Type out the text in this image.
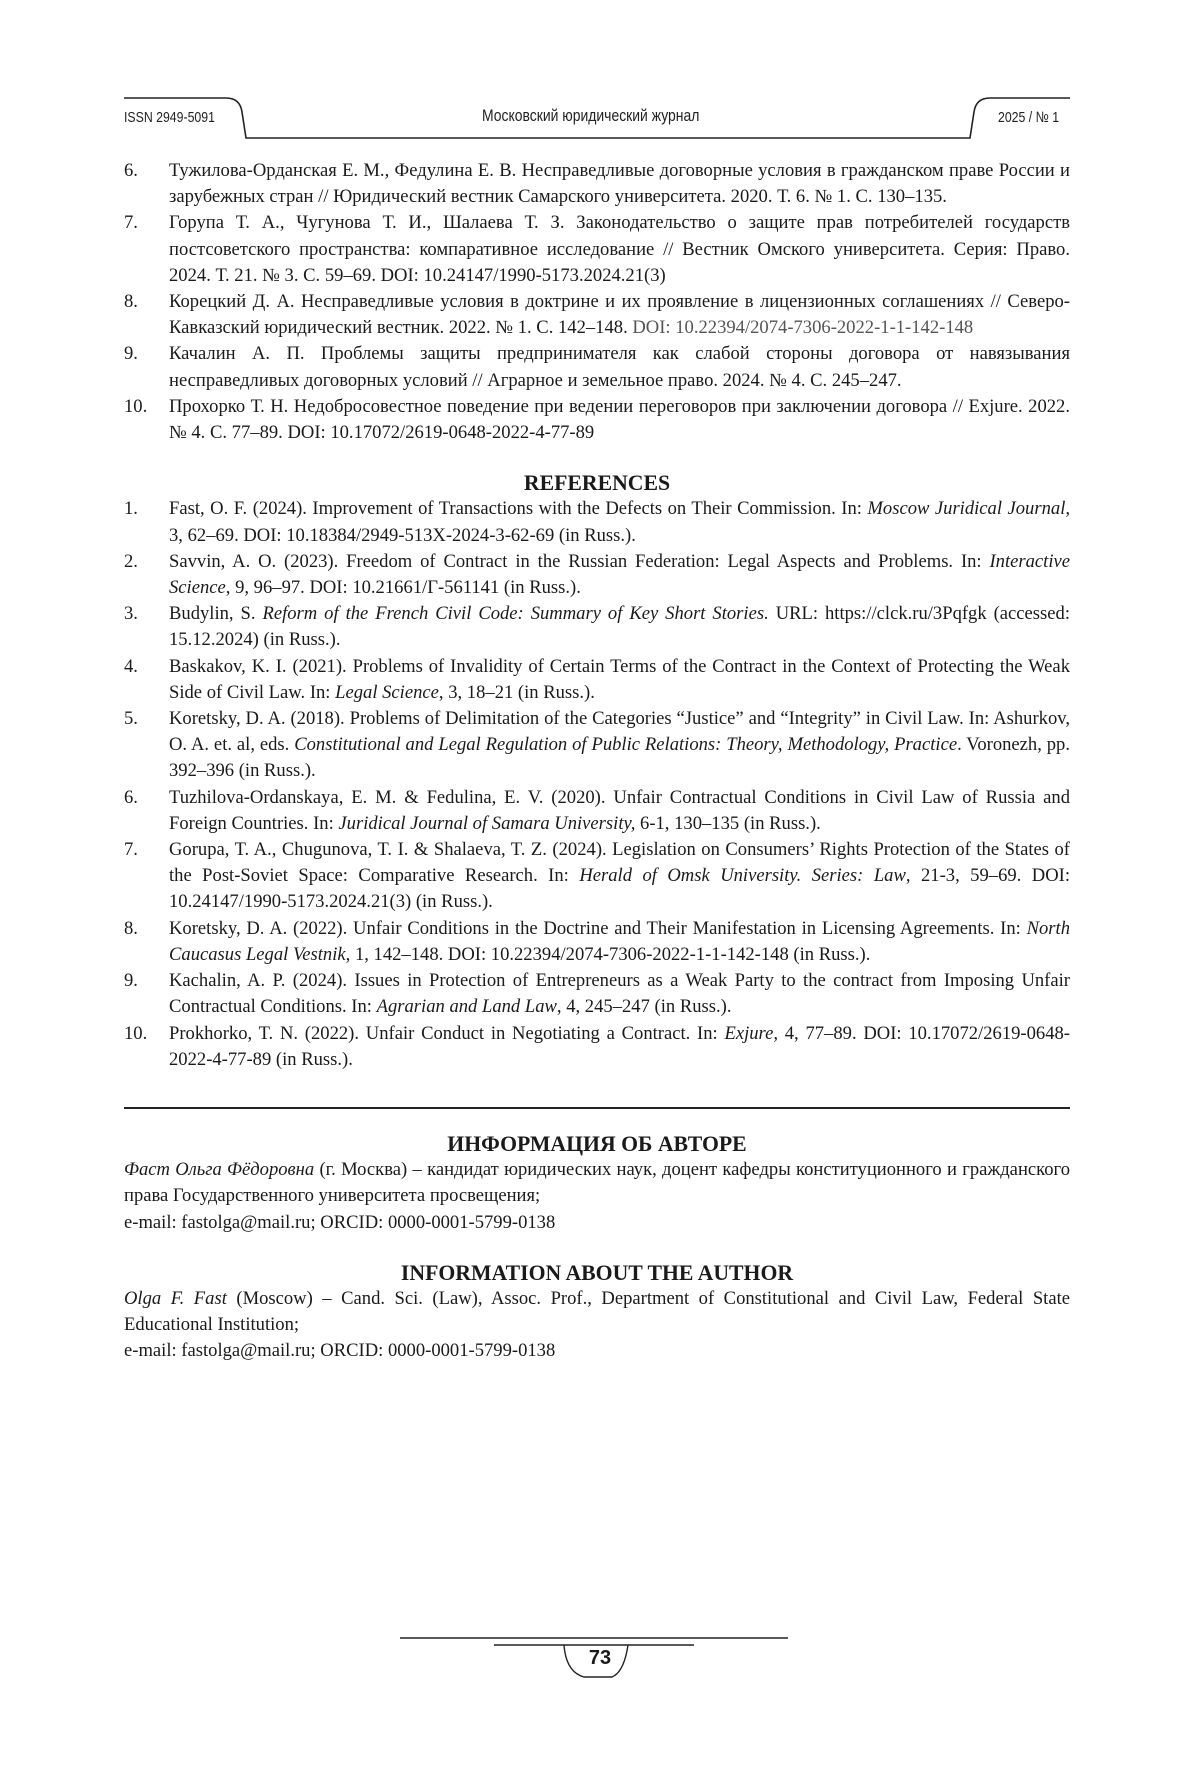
ISSN 2949-5091	Московский юридический журнал	2025 / № 1
6. Тужилова-Орданская Е. М., Федулина Е. В. Несправедливые договорные условия в гражданском праве России и зарубежных стран // Юридический вестник Самарского университета. 2020. Т. 6. № 1. С. 130–135.
7. Горупа Т. А., Чугунова Т. И., Шалаева Т. З. Законодательство о защите прав потребителей государств постсоветского пространства: компаративное исследование // Вестник Омского университета. Серия: Право. 2024. Т. 21. № 3. С. 59–69. DOI: 10.24147/1990-5173.2024.21(3)
8. Корецкий Д. А. Несправедливые условия в доктрине и их проявление в лицензионных соглашениях // Северо-Кавказский юридический вестник. 2022. № 1. С. 142–148. DOI: 10.22394/2074-7306-2022-1-1-142-148
9. Качалин А. П. Проблемы защиты предпринимателя как слабой стороны договора от навязывания несправедливых договорных условий // Аграрное и земельное право. 2024. № 4. С. 245–247.
10. Прохорко Т. Н. Недобросовестное поведение при ведении переговоров при заключении договора // Exjure. 2022. № 4. С. 77–89. DOI: 10.17072/2619-0648-2022-4-77-89
REFERENCES
1. Fast, O. F. (2024). Improvement of Transactions with the Defects on Their Commission. In: Moscow Juridical Journal, 3, 62–69. DOI: 10.18384/2949-513X-2024-3-62-69 (in Russ.).
2. Savvin, A. O. (2023). Freedom of Contract in the Russian Federation: Legal Aspects and Problems. In: Interactive Science, 9, 96–97. DOI: 10.21661/Г-561141 (in Russ.).
3. Budylin, S. Reform of the French Civil Code: Summary of Key Short Stories. URL: https://clck.ru/3Pqfgk (accessed: 15.12.2024) (in Russ.).
4. Baskakov, K. I. (2021). Problems of Invalidity of Certain Terms of the Contract in the Context of Protecting the Weak Side of Civil Law. In: Legal Science, 3, 18–21 (in Russ.).
5. Koretsky, D. A. (2018). Problems of Delimitation of the Categories “Justice” and “Integrity” in Civil Law. In: Ashurkov, O. A. et. al, eds. Constitutional and Legal Regulation of Public Relations: Theory, Methodology, Practice. Voronezh, pp. 392–396 (in Russ.).
6. Tuzhilova-Ordanskaya, E. M. & Fedulina, E. V. (2020). Unfair Contractual Conditions in Civil Law of Russia and Foreign Countries. In: Juridical Journal of Samara University, 6-1, 130–135 (in Russ.).
7. Gorupa, T. A., Chugunova, T. I. & Shalaeva, T. Z. (2024). Legislation on Consumers’ Rights Protection of the States of the Post-Soviet Space: Comparative Research. In: Herald of Omsk University. Series: Law, 21-3, 59–69. DOI: 10.24147/1990-5173.2024.21(3) (in Russ.).
8. Koretsky, D. A. (2022). Unfair Conditions in the Doctrine and Their Manifestation in Licensing Agreements. In: North Caucasus Legal Vestnik, 1, 142–148. DOI: 10.22394/2074-7306-2022-1-1-142-148 (in Russ.).
9. Kachalin, A. P. (2024). Issues in Protection of Entrepreneurs as a Weak Party to the contract from Imposing Unfair Contractual Conditions. In: Agrarian and Land Law, 4, 245–247 (in Russ.).
10. Prokhorko, T. N. (2022). Unfair Conduct in Negotiating a Contract. In: Exjure, 4, 77–89. DOI: 10.17072/2619-0648-2022-4-77-89 (in Russ.).
ИНФОРМАЦИЯ ОБ АВТОРЕ

Фаст Ольга Фёдоровна (г. Москва) – кандидат юридических наук, доцент кафедры конституционного и гражданского права Государственного университета просвещения;

e-mail: fastolga@mail.ru; ORCID: 0000-0001-5799-0138

INFORMATION ABOUT THE AUTHOR

Olga F. Fast (Moscow) – Cand. Sci. (Law), Assoc. Prof., Department of Constitutional and Civil Law, Federal State Educational Institution;

e-mail: fastolga@mail.ru; ORCID: 0000-0001-5799-0138

73
